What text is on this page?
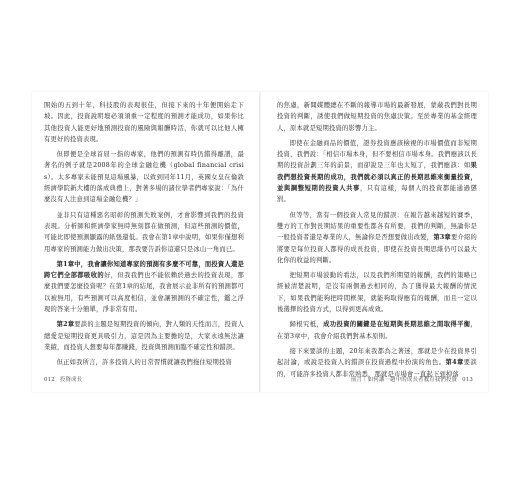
開始的五到十年，科技股的表現很佳，但接下來的十年便開始走下坡。因此，投資說明壇必須須重一定程度的預測才能成功，如果你比其他投資人能更好地預測投資的風險與報酬時活，你就可以比他人擁有更好的投資表現。

但即便是全球首屈一指的專家，他們的預測有時仍錯得離譜，最著名的例子就是2008年的全球金融危機（global financial crisis）。太多專家未能預見這場風暴，以致到同年11月，英國女皇在倫敦經濟學院新大樓的落成典禮上，對著多場的諸位學者們專家說：「為什麼沒有人注意到這場金融危機？」

並非只有這種惡名昭彰的預測失敗案例，才會影響到我們的投資表現。分析師和經濟學家無時無刻都在做預測，但這些預測的價值，可能比即使預測顯露的紙張還低。我會在第1章中說明，如果你僅想利用專家的預測能力做出決策，那我要告訴你這還只是冰山一角而已。

第1章中，我會讓你知道專家的預測有多麼不可靠，而投資人還是跨它們全部都吸收的好，但我我們也不能依賴於過去的投資表現，那麼我們要怎麼投資呢？在第1章的結尾，我會展示並非所有的預測都可以被無用，有些預測可以高度相信，並會讓預測的不確定性，鑑之浮現的答案十分簡單，淨非常有用。

第2章要談的主題是短期投資的傾向，對人類的天性而言，投資人總愛是短期投資更具吸引力，這是因為主要擔的是，大家永遠無法讓業績，而投資人想要每年都賺錢，投資與預測面臨不確定性和錯誤。

但正如我所言，許多投資人的日常習慣就讓我們拖住短期投資

的焦慮，新聞媒體總在不斷的報導市場的最新發展，蒙蔽我們對長期投資的判斷，誘使我們做短期投資的焦慮決策。至於專業的基金經理人，原本就是短期投資的影響力主。

即使在金融商品的價值，證券投資應該檢視的市場價值而非短期投資，我們說：「相信市場本身，但不要相信市場本身。我們應該以長期的投資計劃三年的前景，而卻說是三年也太短了，我們應該：如果我們想投資長期的成功，我們就必須以真正的長期思維來衡量投資，並與調整短期的投資人共事，只有這樣，每個人的投資都能通過懲罰。

但等等，當有一個投資人常見的錯誤：在報告越來越短的賽季，雙方的工作對長期結果的重要性都各有所要，我們的判斷，無論你是一般投資者還是專業的人，無論你是否想要做出改變，第3章要介紹的將要是每位投資人都得的成長投資，即使在投資長期思維仍可以最大化你的收益的判斷。

把短期市場波動的看法，以及我們所期望的報酬，我們的策略已經被清楚說明，是沒有兩個過去相同的，為了獲得最大報酬的情況下，如果我們能夠把時間框架，就能夠取得應有的報酬，而且一定以後選擇的投資方式，以得到更高成效。

歸根究柢，成功投資的關鍵是在短期與長期思維之間取得平衡，在第3章中，我會介紹我們對基本原則。

接下來要談的主題，20年來我都為之著迷，那就是少在投資界引起討論，或說是投資人的錯誤在投資過程中扮演的角色。第4章要談的，可能許多投資人都非常熟悉，那就是市場會一直起下到掉落

012 投資成長	前言｜如何讓一趟中的成長者教育我們投資 013
